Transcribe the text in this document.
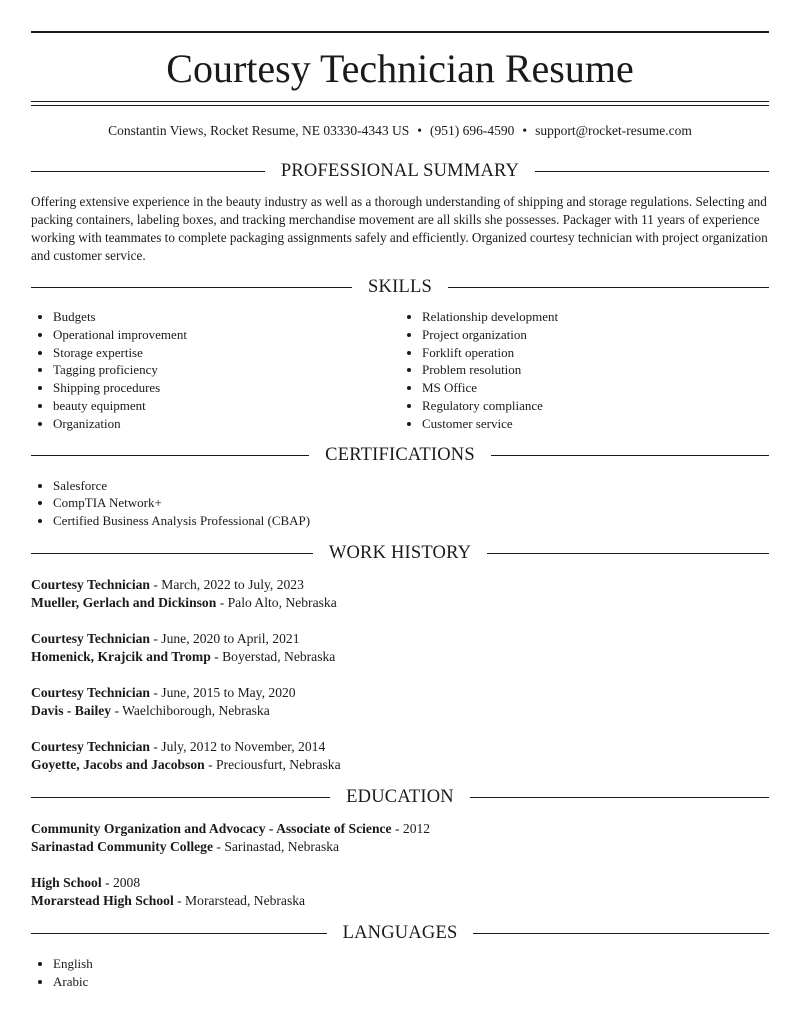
Courtesy Technician Resume
Constantin Views, Rocket Resume, NE 03330-4343 US • (951) 696-4590 • support@rocket-resume.com
PROFESSIONAL SUMMARY

Offering extensive experience in the beauty industry as well as a thorough understanding of shipping and storage regulations. Selecting and packing containers, labeling boxes, and tracking merchandise movement are all skills she possesses. Packager with 11 years of experience working with teammates to complete packaging assignments safely and efficiently. Organized courtesy technician with project organization and customer service.

SKILLS
• Budgets
• Operational improvement
• Storage expertise
• Tagging proficiency
• Shipping procedures
• beauty equipment
• Organization
• Relationship development
• Project organization
• Forklift operation
• Problem resolution
• MS Office
• Regulatory compliance
• Customer service
CERTIFICATIONS
• Salesforce
• CompTIA Network+
• Certified Business Analysis Professional (CBAP)
WORK HISTORY
Courtesy Technician - March, 2022 to July, 2023
Mueller, Gerlach and Dickinson - Palo Alto, Nebraska
Courtesy Technician - June, 2020 to April, 2021
Homenick, Krajcik and Tromp - Boyerstad, Nebraska
Courtesy Technician - June, 2015 to May, 2020
Davis - Bailey - Waelchiborough, Nebraska
Courtesy Technician - July, 2012 to November, 2014
Goyette, Jacobs and Jacobson - Preciousfurt, Nebraska
EDUCATION
Community Organization and Advocacy - Associate of Science - 2012
Sarinastad Community College - Sarinastad, Nebraska
High School - 2008
Morarstead High School - Morarstead, Nebraska
LANGUAGES
• English
• Arabic
